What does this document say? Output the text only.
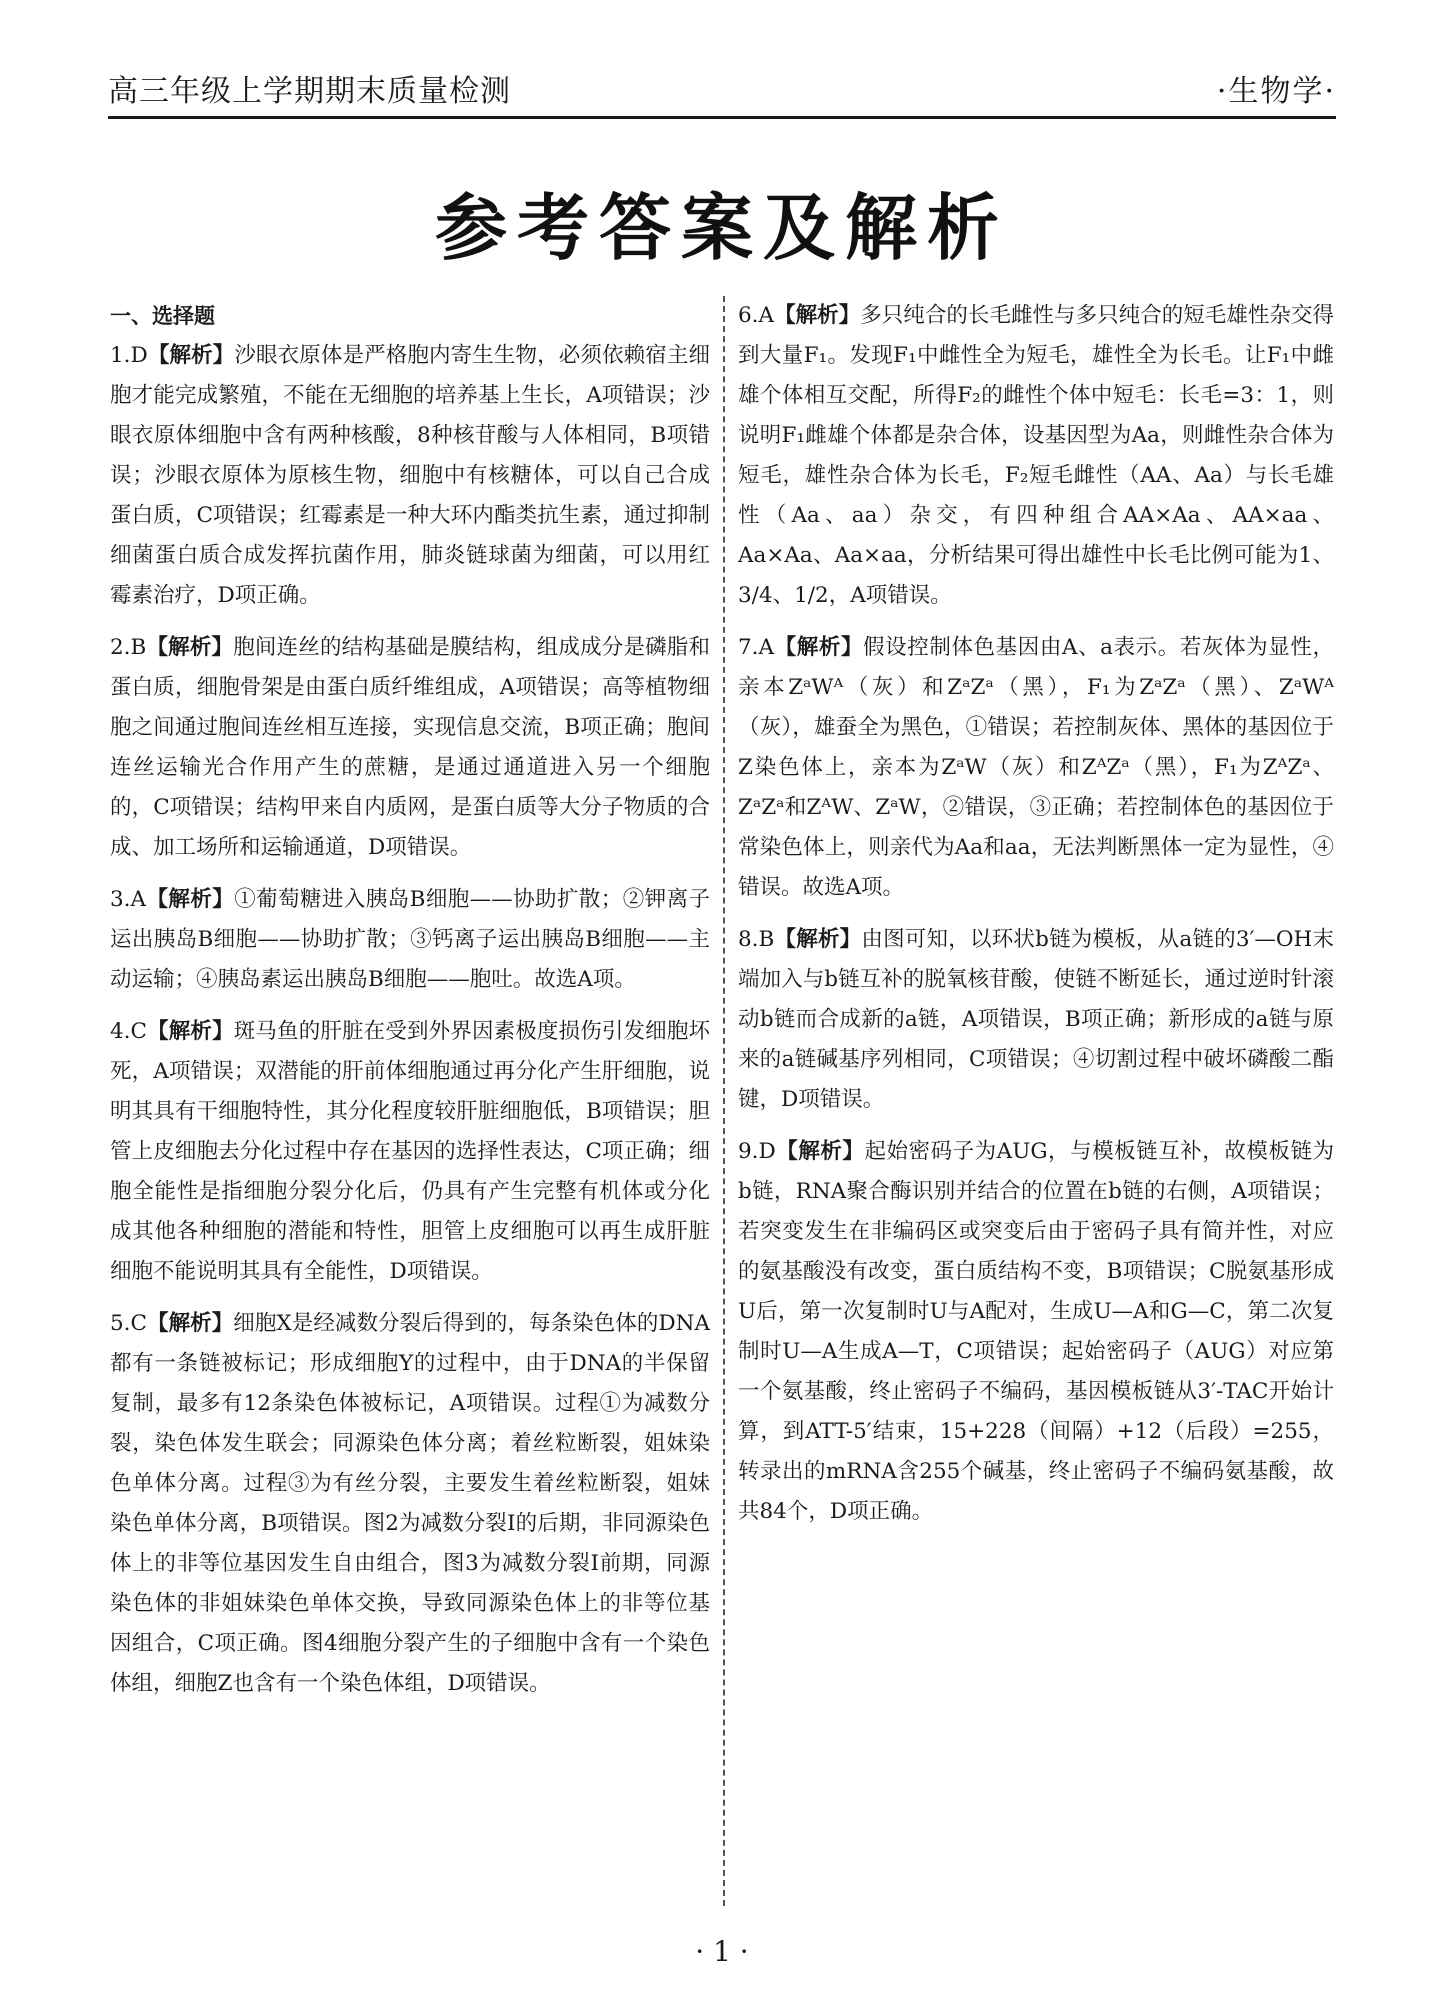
高三年级上学期期末质量检测	·生物学·
参考答案及解析

一、选择题

1.D【解析】沙眼衣原体是严格胞内寄生生物，必须依赖宿主细胞才能完成繁殖，不能在无细胞的培养基上生长，A项错误；沙眼衣原体细胞中含有两种核酸，8种核苷酸与人体相同，B项错误；沙眼衣原体为原核生物，细胞中有核糖体，可以自己合成蛋白质，C项错误；红霉素是一种大环内酯类抗生素，通过抑制细菌蛋白质合成发挥抗菌作用，肺炎链球菌为细菌，可以用红霉素治疗，D项正确。

2.B【解析】胞间连丝的结构基础是膜结构，组成成分是磷脂和蛋白质，细胞骨架是由蛋白质纤维组成，A项错误；高等植物细胞之间通过胞间连丝相互连接，实现信息交流，B项正确；胞间连丝运输光合作用产生的蔗糖，是通过通道进入另一个细胞的，C项错误；结构甲来自内质网，是蛋白质等大分子物质的合成、加工场所和运输通道，D项错误。

3.A【解析】①葡萄糖进入胰岛B细胞——协助扩散；②钾离子运出胰岛B细胞——协助扩散；③钙离子运出胰岛B细胞——主动运输；④胰岛素运出胰岛B细胞——胞吐。故选A项。

4.C【解析】斑马鱼的肝脏在受到外界因素极度损伤引发细胞坏死，A项错误；双潜能的肝前体细胞通过再分化产生肝细胞，说明其具有干细胞特性，其分化程度较肝脏细胞低，B项错误；胆管上皮细胞去分化过程中存在基因的选择性表达，C项正确；细胞全能性是指细胞分裂分化后，仍具有产生完整有机体或分化成其他各种细胞的潜能和特性，胆管上皮细胞可以再生成肝脏细胞不能说明其具有全能性，D项错误。

5.C【解析】细胞X是经减数分裂后得到的，每条染色体的DNA都有一条链被标记；形成细胞Y的过程中，由于DNA的半保留复制，最多有12条染色体被标记，A项错误。过程①为减数分裂，染色体发生联会；同源染色体分离；着丝粒断裂，姐妹染色单体分离。过程③为有丝分裂，主要发生着丝粒断裂，姐妹染色单体分离，B项错误。图2为减数分裂Ⅰ的后期，非同源染色体上的非等位基因发生自由组合，图3为减数分裂Ⅰ前期，同源染色体的非姐妹染色单体交换，导致同源染色体上的非等位基因组合，C项正确。图4细胞分裂产生的子细胞中含有一个染色体组，细胞Z也含有一个染色体组，D项错误。

6.A【解析】多只纯合的长毛雌性与多只纯合的短毛雄性杂交得到大量F₁。发现F₁中雌性全为短毛，雄性全为长毛。让F₁中雌雄个体相互交配，所得F₂的雌性个体中短毛：长毛=3：1，则说明F₁雌雄个体都是杂合体，设基因型为Aa，则雌性杂合体为短毛，雄性杂合体为长毛，F₂短毛雌性（AA、Aa）与长毛雄性（Aa、aa）杂交，有四种组合AA×Aa、AA×aa、Aa×Aa、Aa×aa，分析结果可得出雄性中长毛比例可能为1、3/4、1/2，A项错误。

7.A【解析】假设控制体色基因由A、a表示。若灰体为显性，亲本ZᵃWᴬ（灰）和ZᵃZᵃ（黑），F₁为ZᵃZᵃ（黑）、ZᵃWᴬ（灰），雄蚕全为黑色，①错误；若控制灰体、黑体的基因位于Z染色体上，亲本为ZᵃW（灰）和ZᴬZᵃ（黑），F₁为ZᴬZᵃ、ZᵃZᵃ和ZᴬW、ZᵃW，②错误，③正确；若控制体色的基因位于常染色体上，则亲代为Aa和aa，无法判断黑体一定为显性，④错误。故选A项。

8.B【解析】由图可知，以环状b链为模板，从a链的3′—OH末端加入与b链互补的脱氧核苷酸，使链不断延长，通过逆时针滚动b链而合成新的a链，A项错误，B项正确；新形成的a链与原来的a链碱基序列相同，C项错误；④切割过程中破坏磷酸二酯键，D项错误。

9.D【解析】起始密码子为AUG，与模板链互补，故模板链为b链，RNA聚合酶识别并结合的位置在b链的右侧，A项错误；若突变发生在非编码区或突变后由于密码子具有简并性，对应的氨基酸没有改变，蛋白质结构不变，B项错误；C脱氨基形成U后，第一次复制时U与A配对，生成U—A和G—C，第二次复制时U—A生成A—T，C项错误；起始密码子（AUG）对应第一个氨基酸，终止密码子不编码，基因模板链从3′-TAC开始计算，到ATT-5′结束，15+228（间隔）+12（后段）=255，转录出的mRNA含255个碱基，终止密码子不编码氨基酸，故共84个，D项正确。

· 1 ·
